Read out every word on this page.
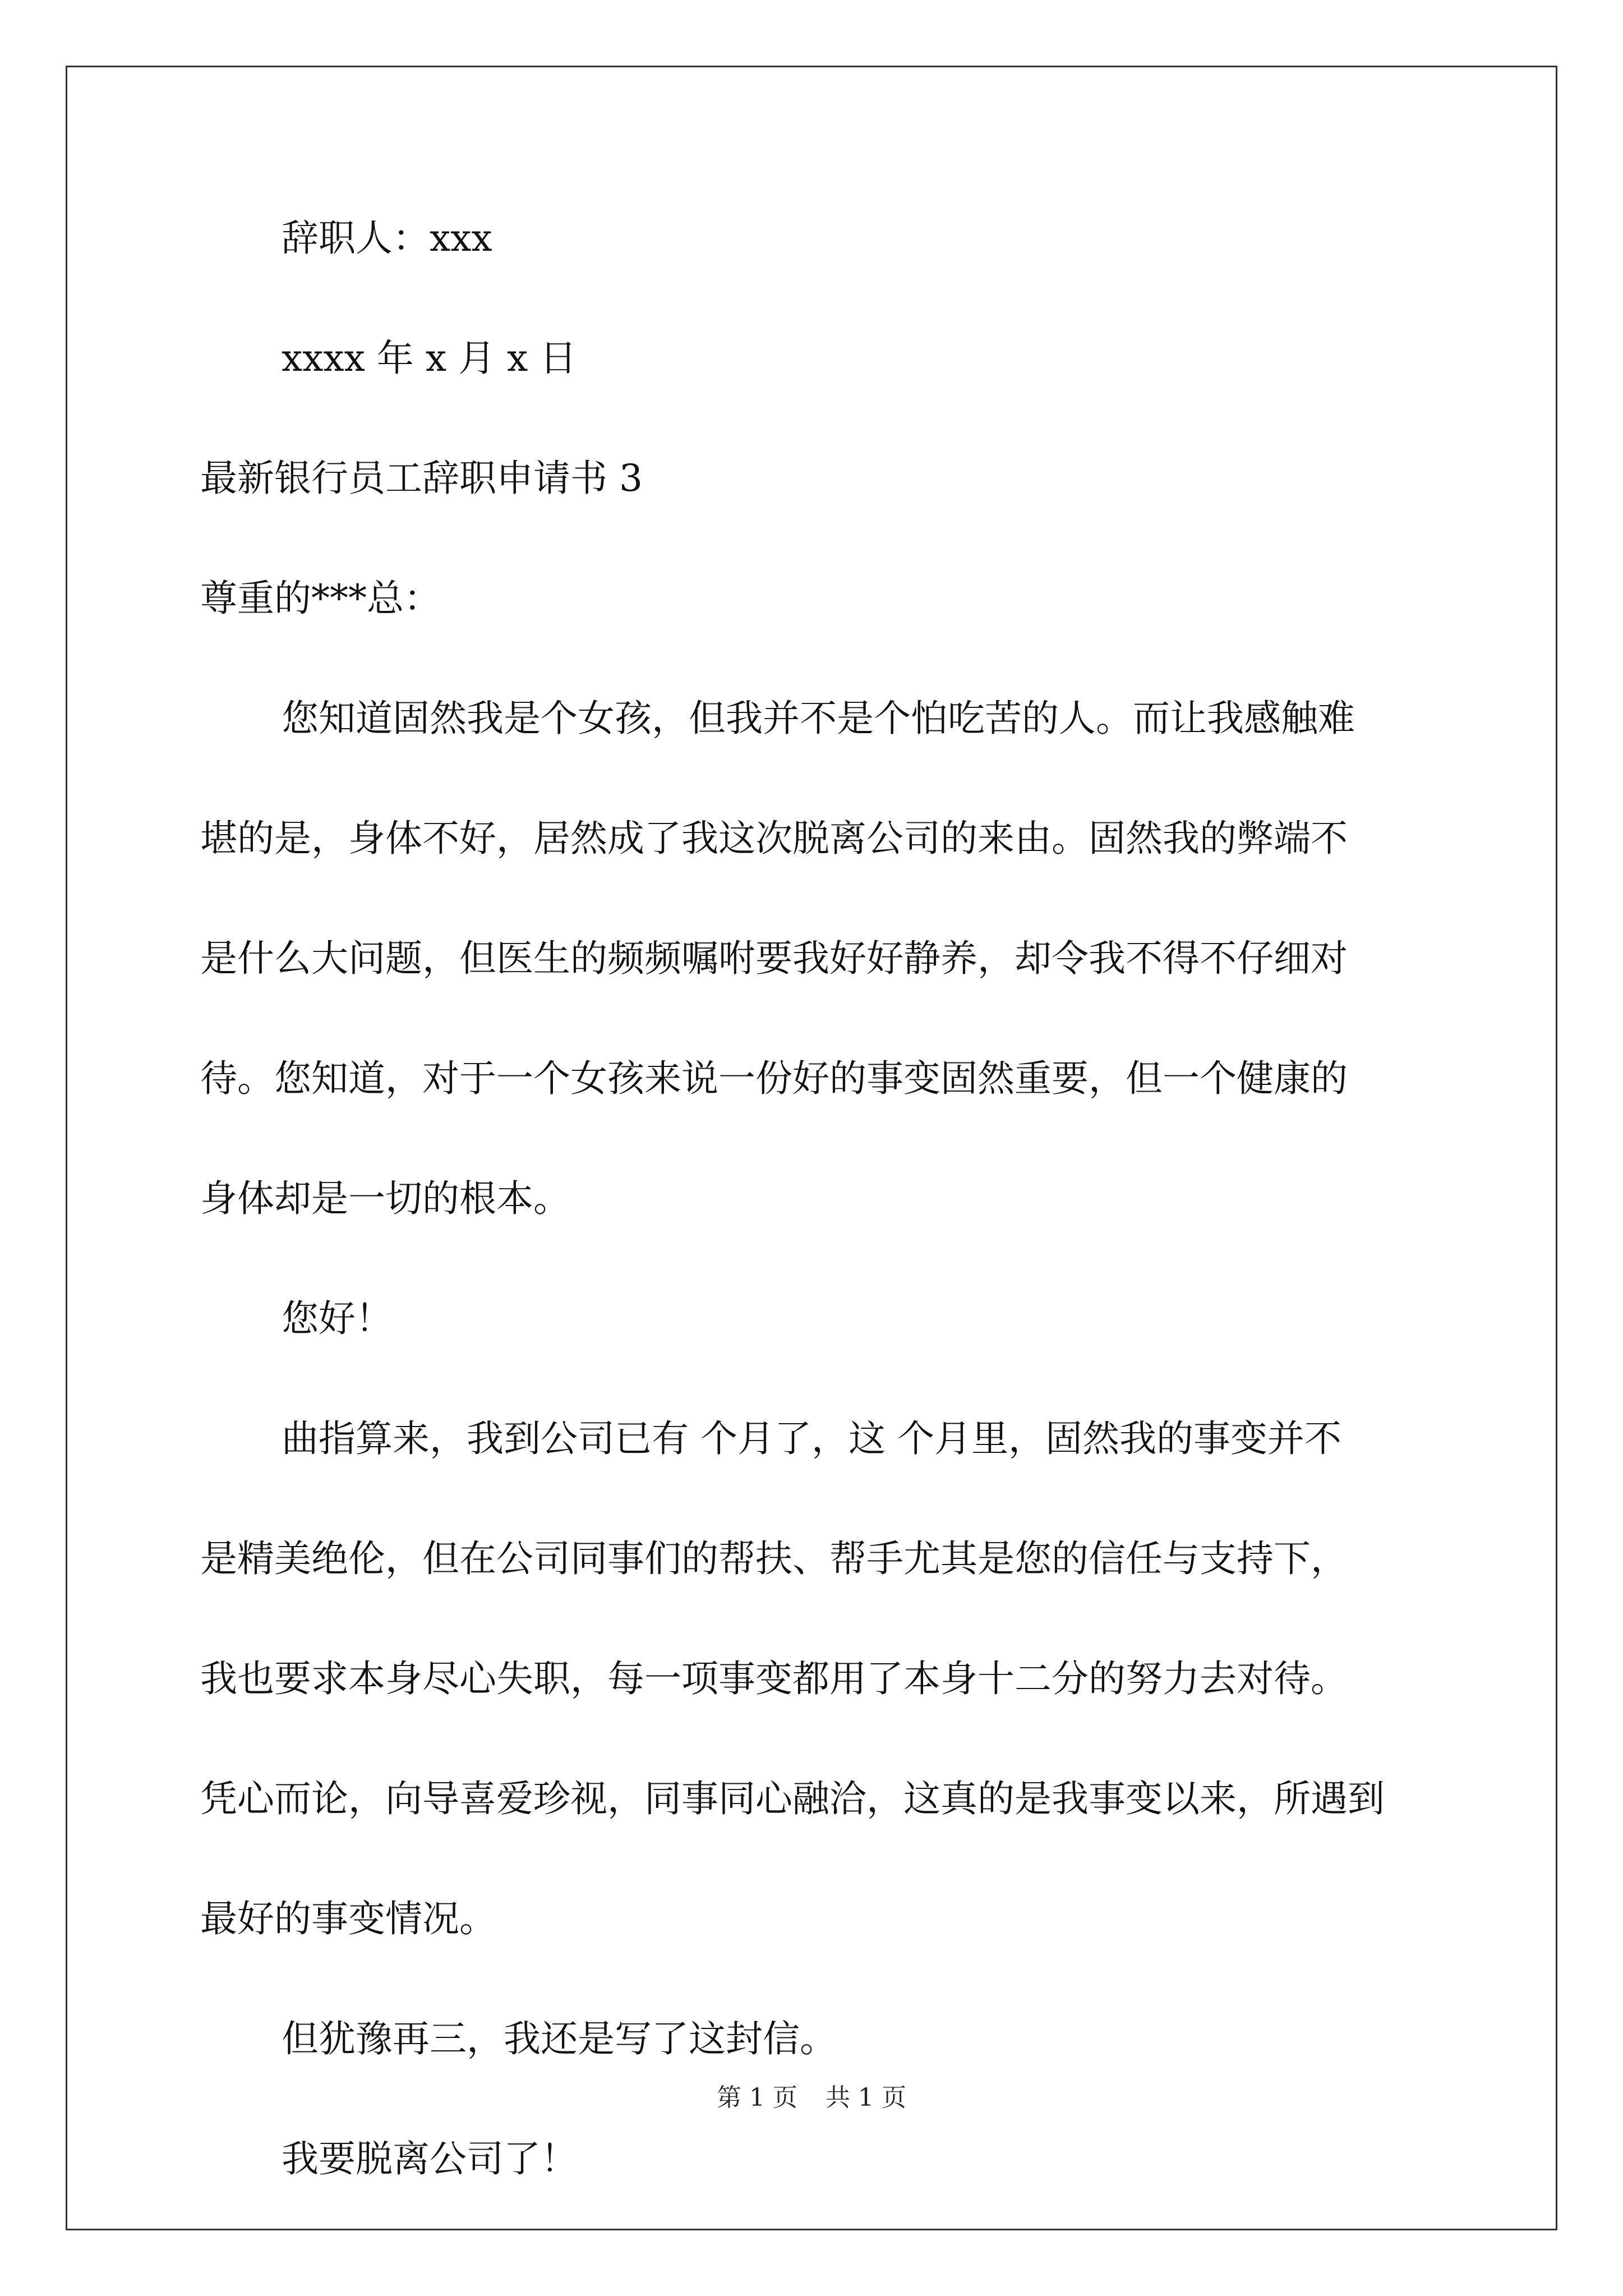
辞职人：xxx
xxxx 年 x 月 x 日
最新银行员工辞职申请书 3
尊重的***总：
您知道固然我是个女孩，但我并不是个怕吃苦的人。而让我感触难
堪的是，身体不好，居然成了我这次脱离公司的来由。固然我的弊端不
是什么大问题，但医生的频频嘱咐要我好好静养，却令我不得不仔细对
待。您知道，对于一个女孩来说一份好的事变固然重要，但一个健康的
身体却是一切的根本。
您好！
曲指算来，我到公司已有 个月了，这 个月里，固然我的事变并不
是精美绝伦，但在公司同事们的帮扶、帮手尤其是您的信任与支持下，
我也要求本身尽心失职，每一项事变都用了本身十二分的努力去对待。
凭心而论，向导喜爱珍视，同事同心融洽，这真的是我事变以来，所遇到
最好的事变情况。
但犹豫再三，我还是写了这封信。
我要脱离公司了！
第 1 页 共 1 页
